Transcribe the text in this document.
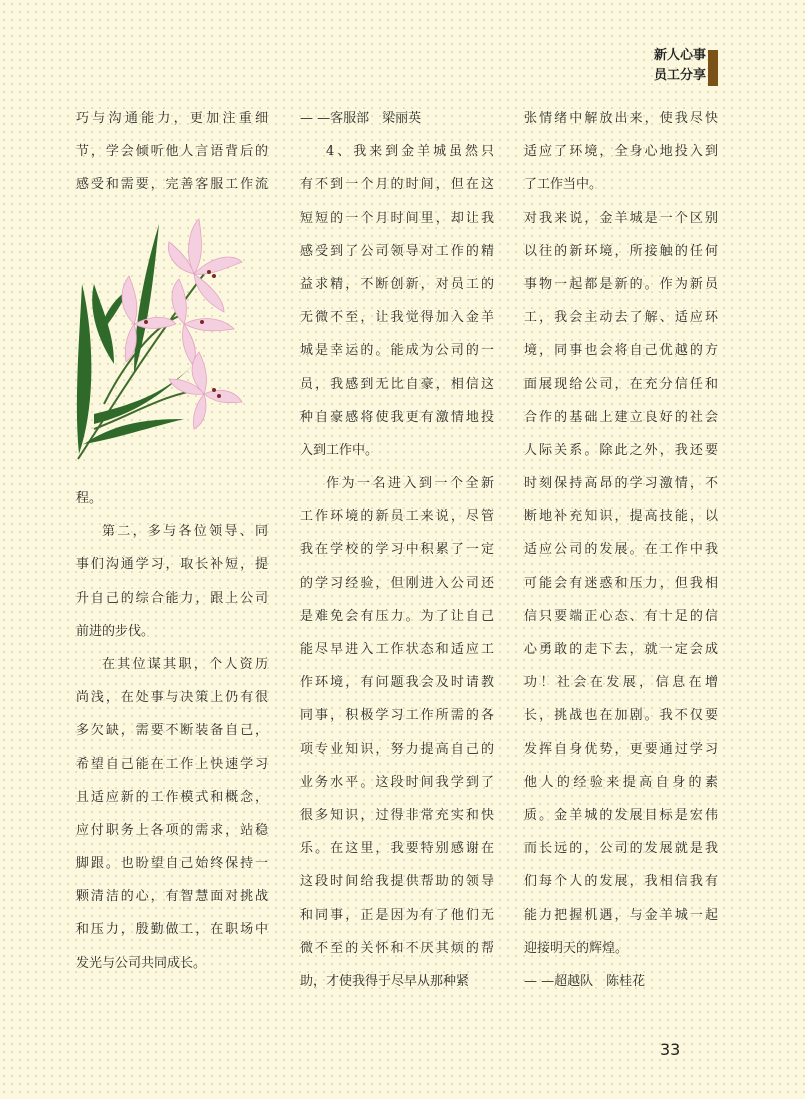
新人心事
员工分享
巧与沟通能力，更加注重细
节，学会倾听他人言语背后的
感受和需要，完善客服工作流
程。
第二，多与各位领导、同
事们沟通学习，取长补短，提
升自己的综合能力，跟上公司
前进的步伐。
在其位谋其职，个人资历
尚浅，在处事与决策上仍有很
多欠缺，需要不断装备自己，
希望自己能在工作上快速学习
且适应新的工作模式和概念，
应付职务上各项的需求，站稳
脚跟。也盼望自己始终保持一
颗清洁的心，有智慧面对挑战
和压力，殷勤做工，在职场中
发光与公司共同成长。
— —客服部　梁丽英
4、我来到金羊城虽然只
有不到一个月的时间，但在这
短短的一个月时间里，却让我
感受到了公司领导对工作的精
益求精，不断创新，对员工的
无微不至，让我觉得加入金羊
城是幸运的。能成为公司的一
员，我感到无比自豪，相信这
种自豪感将使我更有激情地投
入到工作中。
作为一名进入到一个全新
工作环境的新员工来说，尽管
我在学校的学习中积累了一定
的学习经验，但刚进入公司还
是难免会有压力。为了让自己
能尽早进入工作状态和适应工
作环境，有问题我会及时请教
同事，积极学习工作所需的各
项专业知识，努力提高自己的
业务水平。这段时间我学到了
很多知识，过得非常充实和快
乐。在这里，我要特别感谢在
这段时间给我提供帮助的领导
和同事，正是因为有了他们无
微不至的关怀和不厌其烦的帮
助，才使我得于尽早从那种紧
张情绪中解放出来，使我尽快
适应了环境，全身心地投入到
了工作当中。
对我来说，金羊城是一个区别
以往的新环境，所接触的任何
事物一起都是新的。作为新员
工，我会主动去了解、适应环
境，同事也会将自己优越的方
面展现给公司，在充分信任和
合作的基础上建立良好的社会
人际关系。除此之外，我还要
时刻保持高昂的学习激情，不
断地补充知识，提高技能，以
适应公司的发展。在工作中我
可能会有迷惑和压力，但我相
信只要端正心态、有十足的信
心勇敢的走下去，就一定会成
功！社会在发展，信息在增
长，挑战也在加剧。我不仅要
发挥自身优势，更要通过学习
他人的经验来提高自身的素
质。金羊城的发展目标是宏伟
而长远的，公司的发展就是我
们每个人的发展，我相信我有
能力把握机遇，与金羊城一起
迎接明天的辉煌。
— —超越队　陈桂花
33
